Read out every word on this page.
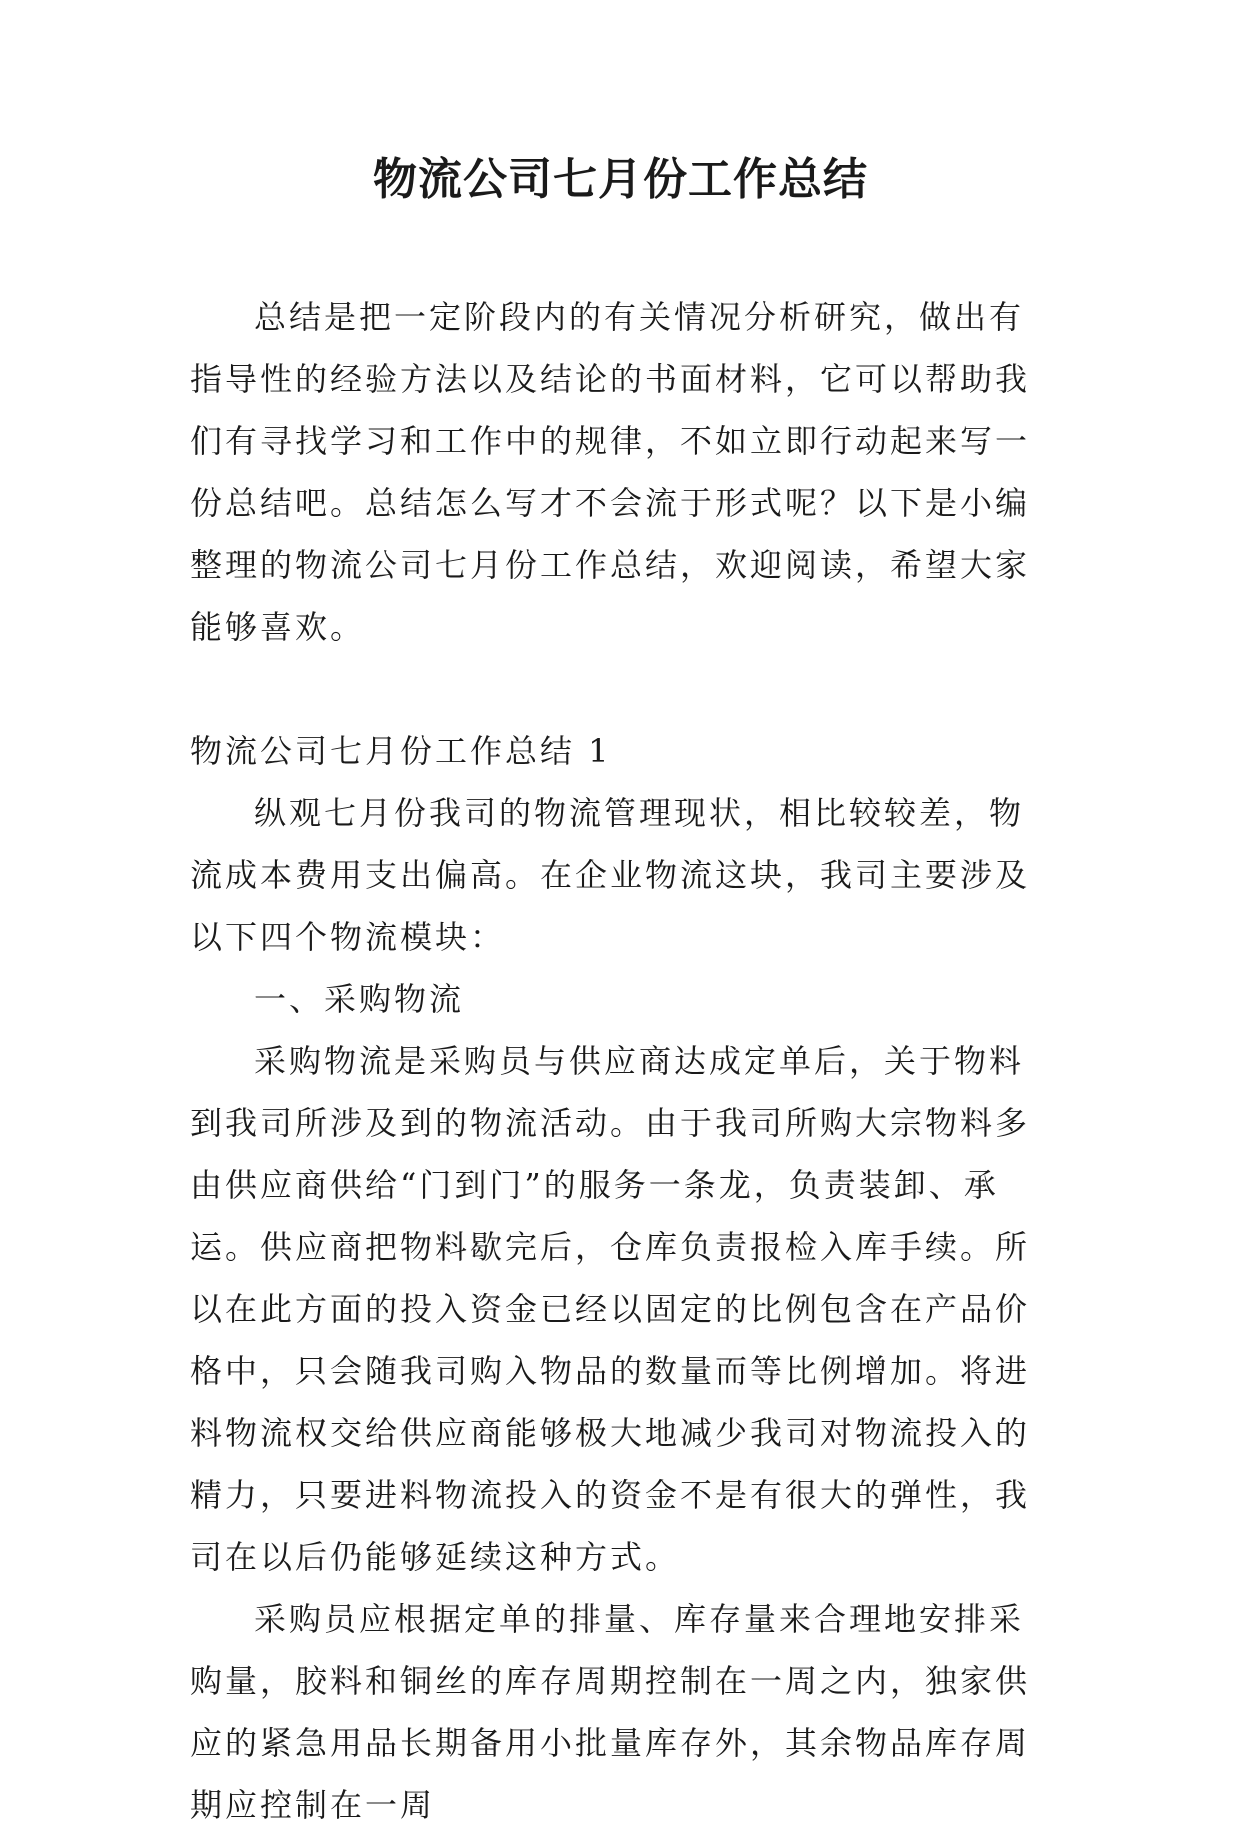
物流公司七月份工作总结

总结是把一定阶段内的有关情况分析研究，做出有指导性的经验方法以及结论的书面材料，它可以帮助我们有寻找学习和工作中的规律，不如立即行动起来写一份总结吧。总结怎么写才不会流于形式呢？以下是小编整理的物流公司七月份工作总结，欢迎阅读，希望大家能够喜欢。

物流公司七月份工作总结 1

纵观七月份我司的物流管理现状，相比较较差，物流成本费用支出偏高。在企业物流这块，我司主要涉及以下四个物流模块：

一、采购物流

采购物流是采购员与供应商达成定单后，关于物料到我司所涉及到的物流活动。由于我司所购大宗物料多由供应商供给“门到门”的服务一条龙，负责装卸、承运。供应商把物料歇完后，仓库负责报检入库手续。所以在此方面的投入资金已经以固定的比例包含在产品价格中，只会随我司购入物品的数量而等比例增加。将进料物流权交给供应商能够极大地减少我司对物流投入的精力，只要进料物流投入的资金不是有很大的弹性，我司在以后仍能够延续这种方式。

采购员应根据定单的排量、库存量来合理地安排采购量，胶料和铜丝的库存周期控制在一周之内，独家供应的紧急用品长期备用小批量库存外，其余物品库存周期应控制在一周
